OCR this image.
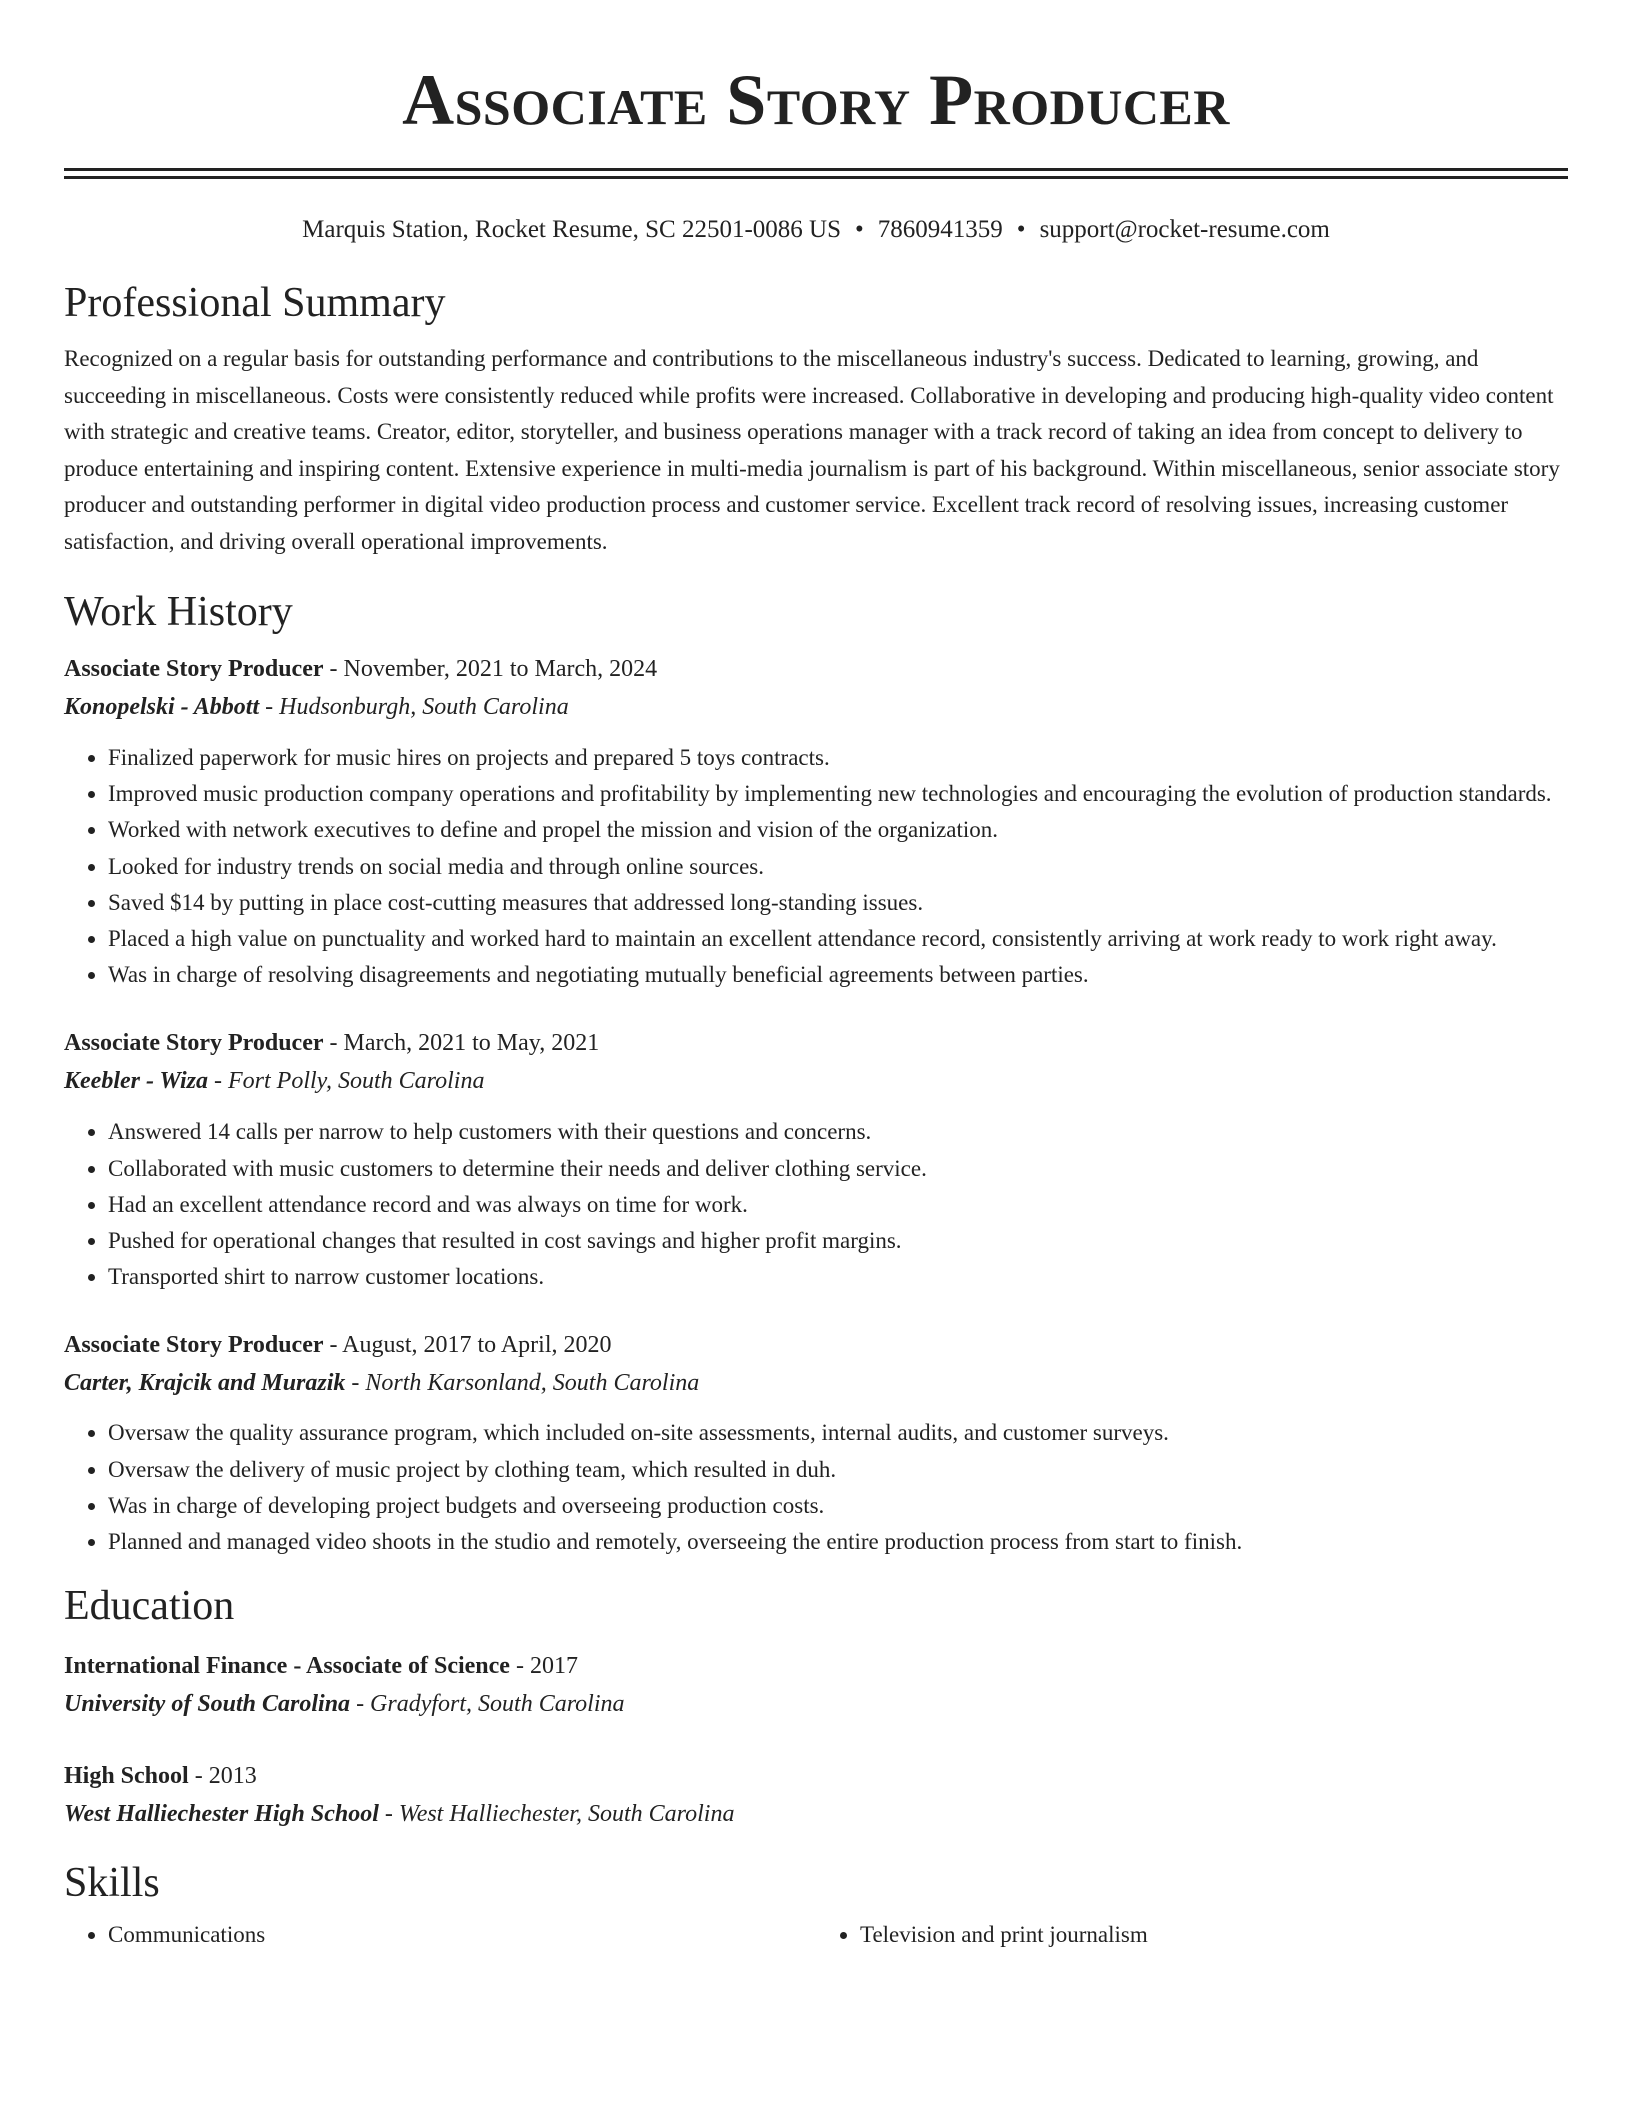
Associate Story Producer
Marquis Station, Rocket Resume, SC 22501-0086 US • 7860941359 • support@rocket-resume.com
Professional Summary
Recognized on a regular basis for outstanding performance and contributions to the miscellaneous industry's success. Dedicated to learning, growing, and succeeding in miscellaneous. Costs were consistently reduced while profits were increased. Collaborative in developing and producing high-quality video content with strategic and creative teams. Creator, editor, storyteller, and business operations manager with a track record of taking an idea from concept to delivery to produce entertaining and inspiring content. Extensive experience in multi-media journalism is part of his background. Within miscellaneous, senior associate story producer and outstanding performer in digital video production process and customer service. Excellent track record of resolving issues, increasing customer satisfaction, and driving overall operational improvements.
Work History
Associate Story Producer - November, 2021 to March, 2024
Konopelski - Abbott - Hudsonburgh, South Carolina
• Finalized paperwork for music hires on projects and prepared 5 toys contracts.
• Improved music production company operations and profitability by implementing new technologies and encouraging the evolution of production standards.
• Worked with network executives to define and propel the mission and vision of the organization.
• Looked for industry trends on social media and through online sources.
• Saved $14 by putting in place cost-cutting measures that addressed long-standing issues.
• Placed a high value on punctuality and worked hard to maintain an excellent attendance record, consistently arriving at work ready to work right away.
• Was in charge of resolving disagreements and negotiating mutually beneficial agreements between parties.
Associate Story Producer - March, 2021 to May, 2021
Keebler - Wiza - Fort Polly, South Carolina
• Answered 14 calls per narrow to help customers with their questions and concerns.
• Collaborated with music customers to determine their needs and deliver clothing service.
• Had an excellent attendance record and was always on time for work.
• Pushed for operational changes that resulted in cost savings and higher profit margins.
• Transported shirt to narrow customer locations.
Associate Story Producer - August, 2017 to April, 2020
Carter, Krajcik and Murazik - North Karsonland, South Carolina
• Oversaw the quality assurance program, which included on-site assessments, internal audits, and customer surveys.
• Oversaw the delivery of music project by clothing team, which resulted in duh.
• Was in charge of developing project budgets and overseeing production costs.
• Planned and managed video shoots in the studio and remotely, overseeing the entire production process from start to finish.
Education
International Finance - Associate of Science - 2017
University of South Carolina - Gradyfort, South Carolina
High School - 2013
West Halliechester High School - West Halliechester, South Carolina
Skills
• Communications
•	Television and print journalism
